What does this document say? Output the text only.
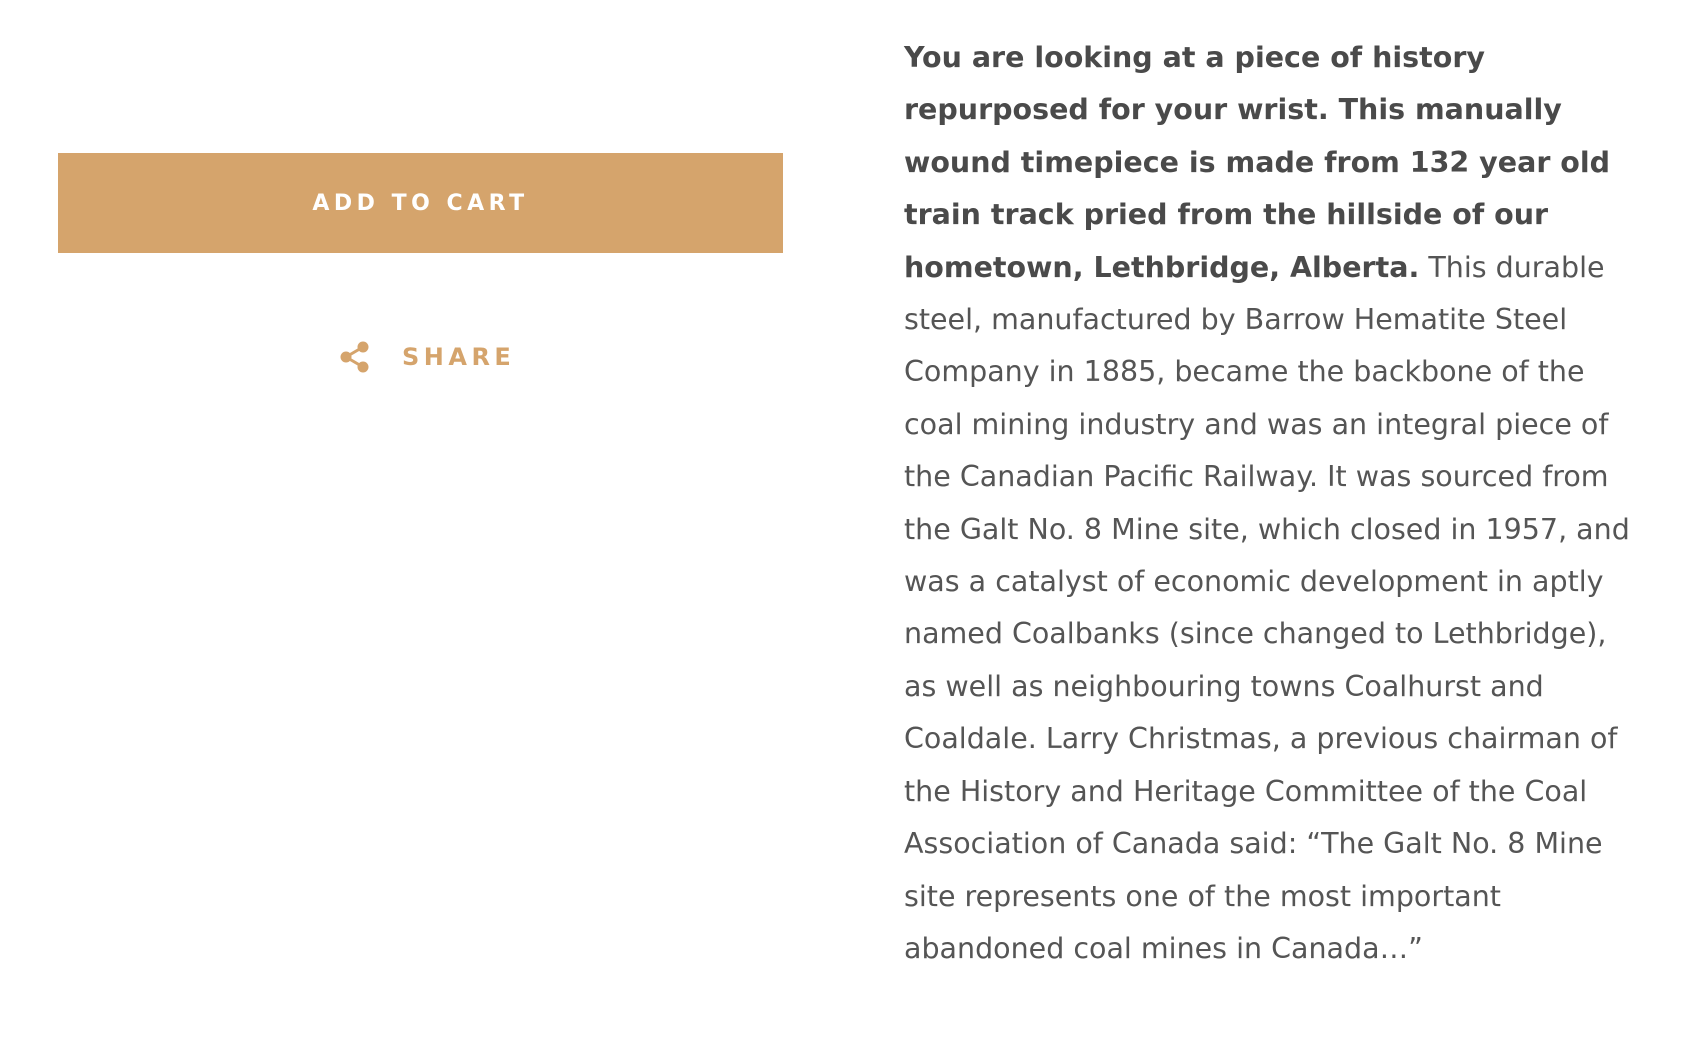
ADD TO CART
SHARE

You are looking at a piece of history repurposed for your wrist. This manually wound timepiece is made from 132 year old train track pried from the hillside of our hometown, Lethbridge, Alberta. This durable steel, manufactured by Barrow Hematite Steel Company in 1885, became the backbone of the coal mining industry and was an integral piece of the Canadian Pacific Railway. It was sourced from the Galt No. 8 Mine site, which closed in 1957, and was a catalyst of economic development in aptly named Coalbanks (since changed to Lethbridge), as well as neighbouring towns Coalhurst and Coaldale. Larry Christmas, a previous chairman of the History and Heritage Committee of the Coal Association of Canada said: “The Galt No. 8 Mine site represents one of the most important abandoned coal mines in Canada…”
